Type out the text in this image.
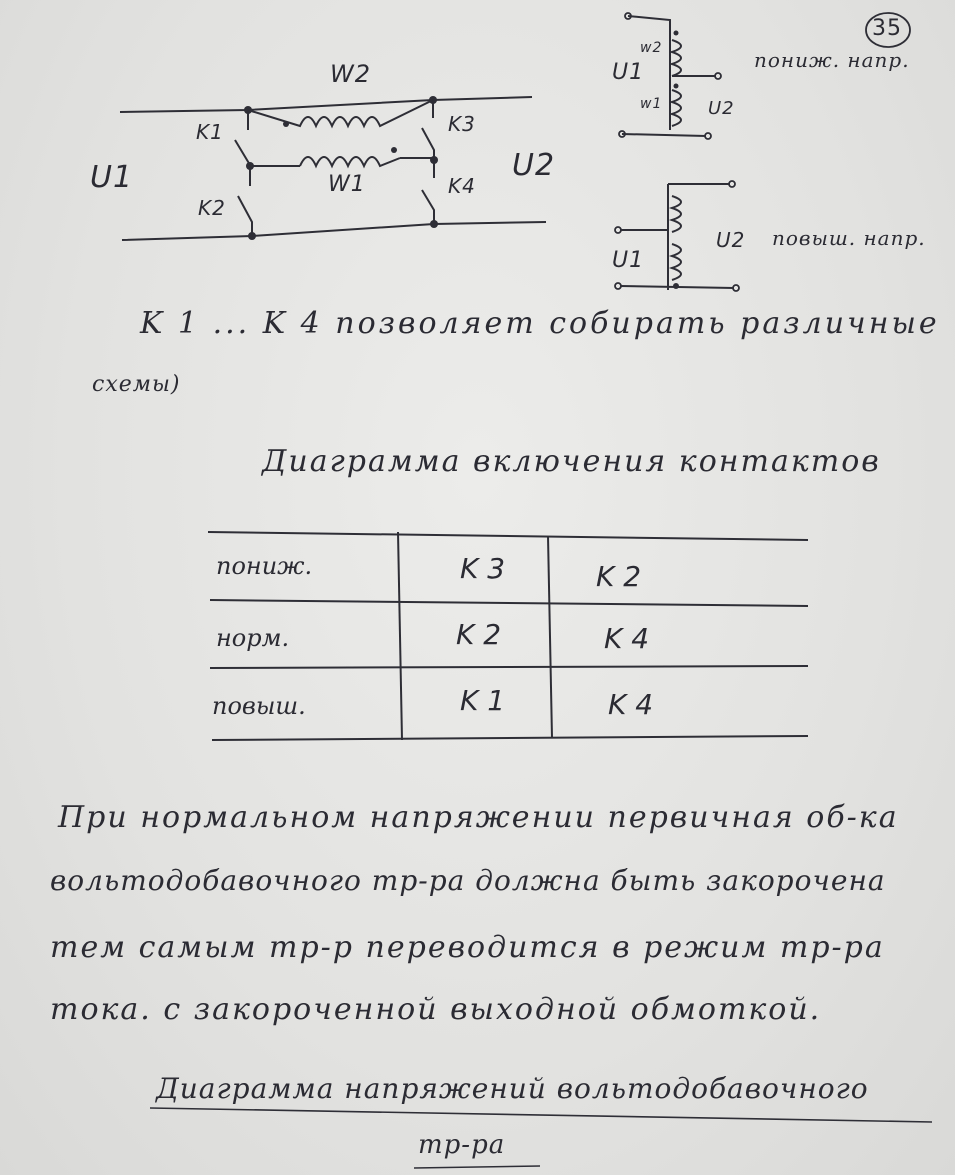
U1	U2
W2
W1
K1
K2
K3
K4
U1
w2
w1	U2
пониж. напр.
U1
U2 повыш. напр.
35
K 1 ... K 4 позволяет собирать различные
схемы)
Диаграмма включения контактов
пониж.	K 3	K 2
норм.	K 2	K 4
повыш.	K 1	K 4
При нормальном напряжении первичная об-ка
вольтодобавочного тр-ра должна быть закорочена
тем самым тр-р переводится в режим тр-ра
тока. с закороченной выходной обмоткой.
Диаграмма напряжений вольтодобавочного
тр-ра
